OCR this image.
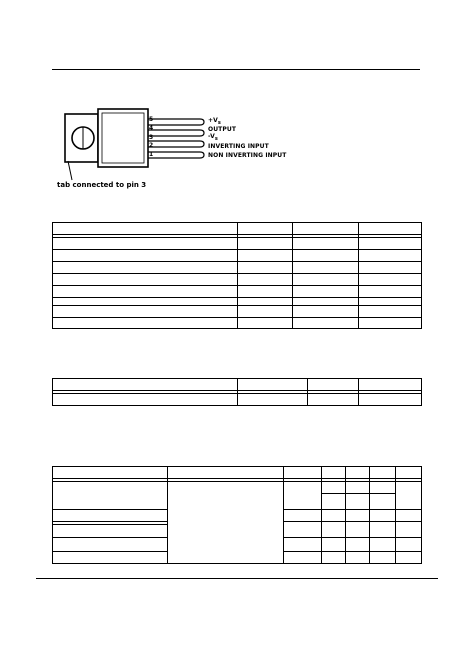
5
4
3
2
1
$+V_s$
OUTPUT
$-V_s$
INVERTING INPUT
NON INVERTING INPUT
tab connected to pin 3
